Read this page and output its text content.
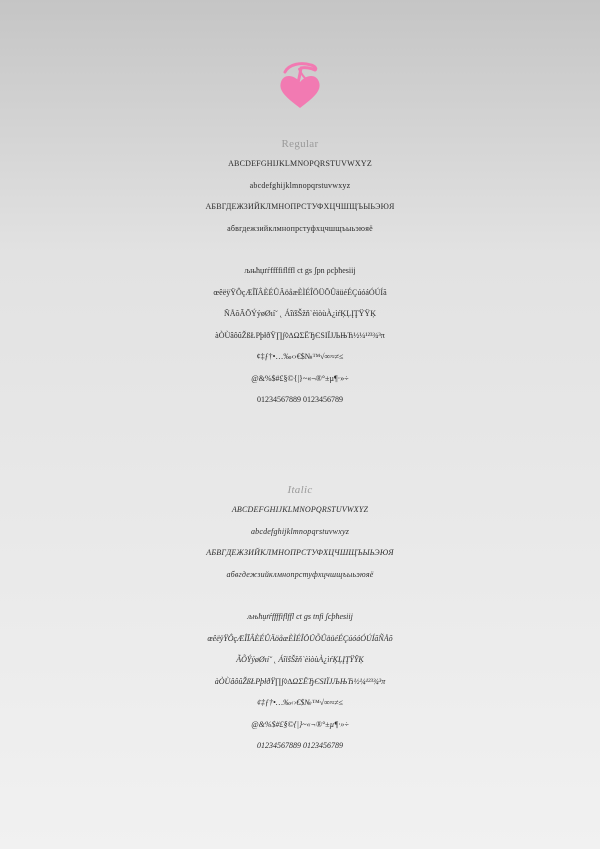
Regular
ABCDEFGHIJKLMNOPQRSTUVWXYZ
abcdefghijklmnopqrstuvwxyz
АБВГДЕЖЗИЙКЛМНОПРСТУФХЦЧШЩЪЫЬЭЮЯ
абвгдежзийклмнопрстуфхцчшщъыьэюяё
љњћџґѓffffiflffl ct gs ʃpn ρcþħesiij
œêëÿŸÔçÆÎÏÂÈÉÛÄöåæÈÌÉÎÖÜÕÛäüéÉÇúóáÓÚÍã
ÑÅõÃÕÝýøØıí˘ ˛ ÁîïšŠžň`èìòùÀ¿ìŕĶĻĮŢŸŸĶ
àÒÙâôûŽßŁPþłðŸ∏∫◊∆ΩΣËЂЄЅІЇЈЉЊЋ½¼¹²³¾³π
¢‡ƒ†•…‰‹›€$№™√∞≈≠≤
@&%$#£§©{|}~«¬®°±µ¶·»÷
01234567889 0123456789
Italic
ABCDEFGHIJKLMNOPQRSTUVWXYZ
abcdefghijklmnopqrstuvwxyz
АБВГДЕЖЗИЙКЛМНОПРСТУФХЦЧШЩЪЫЬЭЮЯ
абвгдежзийклмнопрстуфхцчшщъыьэюяё
љњћџґѓffffiflffl ct gs tnfi ʃcþħesiij
œêëÿŸÔçÆÎÏÂÈÉÛÄöåæÈÌÉÎÖÜÕÛäüéÉÇúóáÓÚÍãÑÅõ
ÃÕÝýøØıí˘ ˛ ÁîïšŠžň`èìòùÀ¿ìŕĶĻĮŢŸŸĶ
àÒÙâôûŽßŁPþłðŸ∏∫◊∆ΩΣËЂЄЅІЇЈЉЊЋ½¼¹²³¾³π
¢‡ƒ†•…‰‹›€$№™√∞≈≠≤
@&%$#£§©{|}~«¬®°±µ¶·»÷
01234567889 0123456789
